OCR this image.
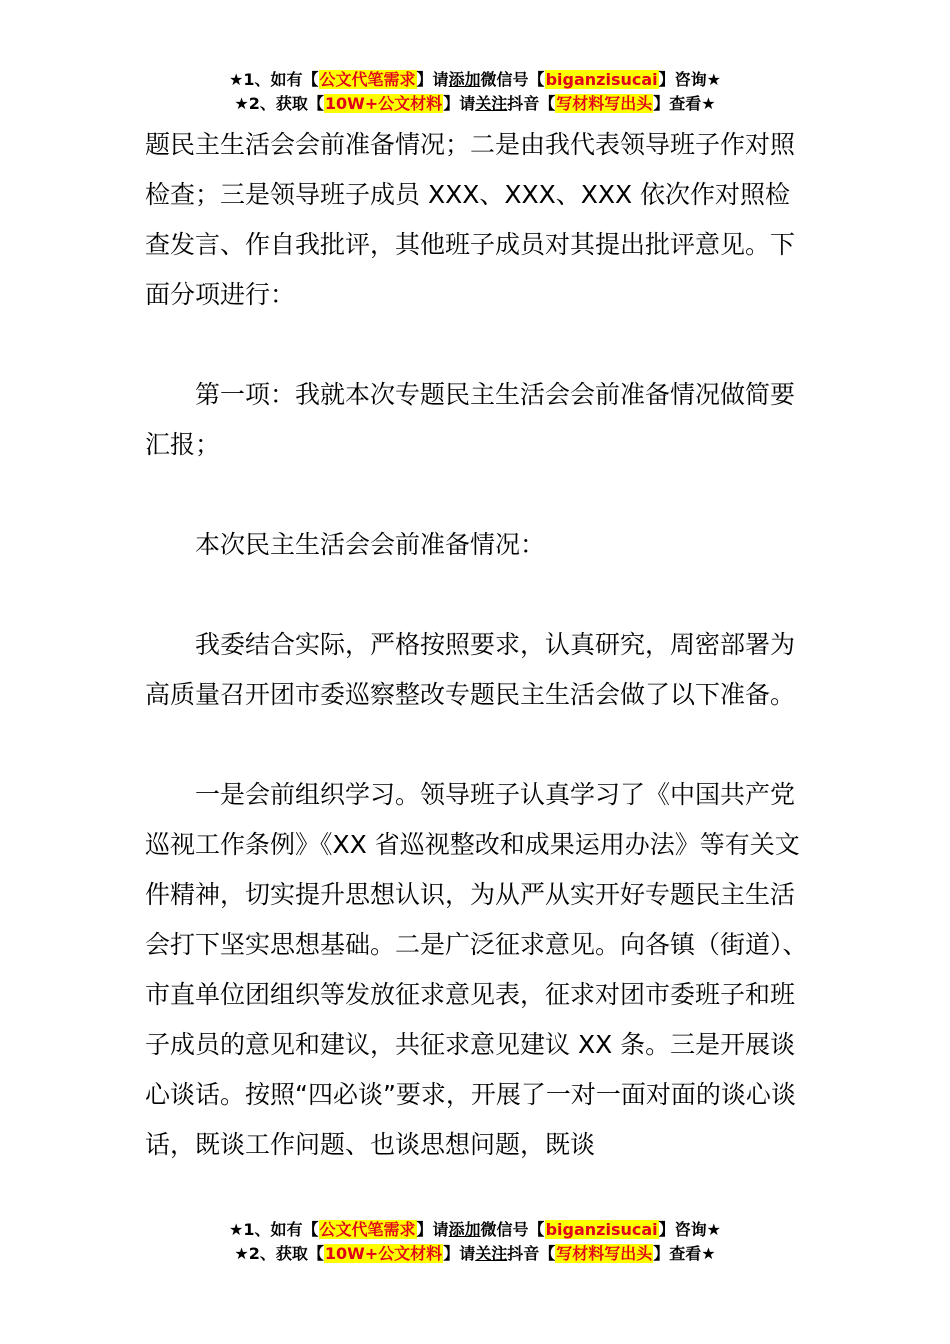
★1、如有【公文代笔需求】请添加微信号【biganzisucai】咨询★
★2、获取【10W+公文材料】请关注抖音【写材料写出头】查看★

题民主生活会会前准备情况；二是由我代表领导班子作对照检查；三是领导班子成员 XXX、XXX、XXX 依次作对照检查发言、作自我批评，其他班子成员对其提出批评意见。下面分项进行：

第一项：我就本次专题民主生活会会前准备情况做简要汇报；

本次民主生活会会前准备情况：

我委结合实际，严格按照要求，认真研究，周密部署为高质量召开团市委巡察整改专题民主生活会做了以下准备。

一是会前组织学习。领导班子认真学习了《中国共产党巡视工作条例》《XX 省巡视整改和成果运用办法》等有关文件精神，切实提升思想认识，为从严从实开好专题民主生活会打下坚实思想基础。二是广泛征求意见。向各镇（街道）、市直单位团组织等发放征求意见表，征求对团市委班子和班子成员的意见和建议，共征求意见建议 XX 条。三是开展谈心谈话。按照“四必谈”要求，开展了一对一面对面的谈心谈话，既谈工作问题、也谈思想问题，既谈

★1、如有【公文代笔需求】请添加微信号【biganzisucai】咨询★
★2、获取【10W+公文材料】请关注抖音【写材料写出头】查看★
